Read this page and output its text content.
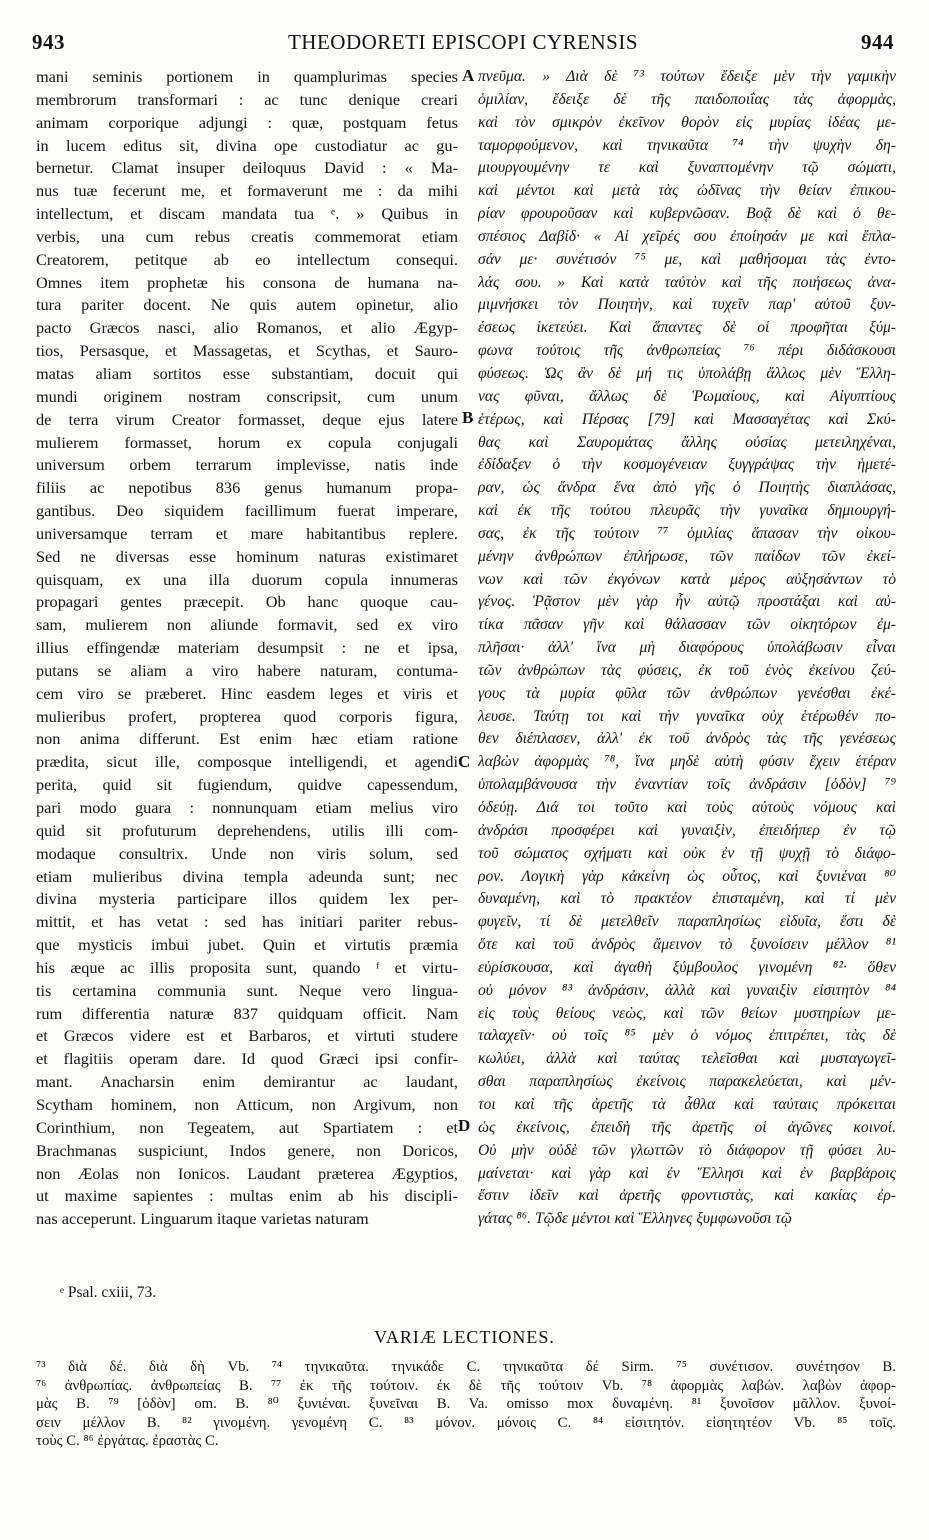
943	THEODORETI EPISCOPI CYRENSIS	944
mani seminis portionem in quamplurimas species
membrorum transformari : ac tunc denique creari
animam corporique adjungi : quæ, postquam fetus
in lucem editus sit, divina ope custodiatur ac gu-
bernetur. Clamat insuper deiloquus David : « Ma-
nus tuæ fecerunt me, et formaverunt me : da mihi
intellectum, et discam mandata tua ᵉ. » Quibus in
verbis, una cum rebus creatis commemorat etiam
Creatorem, petitque ab eo intellectum consequi.
Omnes item prophetæ his consona de humana na-
tura pariter docent. Ne quis autem opinetur, alio
pacto Græcos nasci, alio Romanos, et alio Ægyp-
tios, Persasque, et Massagetas, et Scythas, et Sauro-
matas aliam sortitos esse substantiam, docuit qui
mundi originem nostram conscripsit, cum unum
de terra virum Creator formasset, deque ejus latere
mulierem formasset, horum ex copula conjugali
universum orbem terrarum implevisse, natis inde
filiis ac nepotibus 836 genus humanum propa-
gantibus. Deo siquidem facillimum fuerat imperare,
universamque terram et mare habitantibus replere.
Sed ne diversas esse hominum naturas existimaret
quisquam, ex una illa duorum copula innumeras
propagari gentes præcepit. Ob hanc quoque cau-
sam, mulierem non aliunde formavit, sed ex viro
illius effingendæ materiam desumpsit : ne et ipsa,
putans se aliam a viro habere naturam, contuma-
cem viro se præberet. Hinc easdem leges et viris et
mulieribus profert, propterea quod corporis figura,
non anima differunt. Est enim hæc etiam ratione
prædita, sicut ille, composque intelligendi, et agendi
perita, quid sit fugiendum, quidve capessendum,
pari modo guara : nonnunquam etiam melius viro
quid sit profuturum deprehendens, utilis illi com-
modaque consultrix. Unde non viris solum, sed
etiam mulieribus divina templa adeunda sunt; nec
divina mysteria participare illos quidem lex per-
mittit, et has vetat : sed has initiari pariter rebus-
que mysticis imbui jubet. Quin et virtutis præmia
his æque ac illis proposita sunt, quando ᶠ et virtu-
tis certamina communia sunt. Neque vero lingua-
rum differentia naturæ 837 quidquam officit. Nam
et Græcos videre est et Barbaros, et virtuti studere
et flagitiis operam dare. Id quod Græci ipsi confir-
mant. Anacharsin enim demirantur ac laudant,
Scytham hominem, non Atticum, non Argivum, non
Corinthium, non Tegeatem, aut Spartiatem : et
Brachmanas suspiciunt, Indos genere, non Doricos,
non Æolas non Ionicos. Laudant præterea Ægyptios,
ut maxime sapientes : multas enim ab his discipli-
nas acceperunt. Linguarum itaque varietas naturam
A
B
C
D
πνεῦμα. » Διὰ δὲ ⁷³ τούτων ἔδειξε μὲν τὴν γαμικὴν
ὁμιλίαν, ἔδειξε δὲ τῆς παιδοποιΐας τὰς ἀφορμὰς,
καὶ τὸν σμικρὸν ἐκεῖνον θορὸν εἰς μυρίας ἰδέας με-
ταμορφούμενον, καὶ τηνικαῦτα ⁷⁴ τὴν ψυχὴν δη-
μιουργουμένην τε καὶ ξυναπτομένην τῷ σώματι,
καὶ μέντοι καὶ μετὰ τὰς ὠδῖνας τὴν θείαν ἐπικου-
ρίαν φρουροῦσαν καὶ κυβερνῶσαν. Βοᾷ δὲ καὶ ὁ θε-
σπέσιος Δαβίδ· « Αἱ χεῖρές σου ἐποίησάν με καὶ ἔπλα-
σάν με· συνέτισόν ⁷⁵ με, καὶ μαθήσομαι τὰς ἐντο-
λάς σου. » Καὶ κατὰ ταὐτὸν καὶ τῆς ποιήσεως ἀνα-
μιμνήσκει τὸν Ποιητὴν, καὶ τυχεῖν παρ' αὐτοῦ ξυν-
έσεως ἱκετεύει. Καὶ ἅπαντες δὲ οἱ προφῆται ξύμ-
φωνα τούτοις τῆς ἀνθρωπείας ⁷⁶ πέρι διδάσκουσι
φύσεως. Ὡς ἂν δὲ μή τις ὑπολάβῃ ἄλλως μὲν Ἕλλη-
νας φῦναι, ἄλλως δὲ Ῥωμαίους, καὶ Αἰγυπτίους
ἑτέρως, καὶ Πέρσας [79] καὶ Μασσαγέτας καὶ Σκύ-
θας καὶ Σαυρομάτας ἄλλης οὐσίας μετειληχέναι,
ἐδίδαξεν ὁ τὴν κοσμογένειαν ξυγγράψας τὴν ἡμετέ-
ραν, ὡς ἄνδρα ἕνα ἀπὸ γῆς ὁ Ποιητὴς διαπλάσας,
καὶ ἐκ τῆς τούτου πλευρᾶς τὴν γυναῖκα δημιουργή-
σας, ἐκ τῆς τούτοιν ⁷⁷ ὁμιλίας ἅπασαν τὴν οἰκου-
μένην ἀνθρώπων ἐπλήρωσε, τῶν παίδων τῶν ἐκεί-
νων καὶ τῶν ἐκγόνων κατὰ μέρος αὐξησάντων τὸ
γένος. Ῥᾷστον μὲν γὰρ ἦν αὐτῷ προστάξαι καὶ αὐ-
τίκα πᾶσαν γῆν καὶ θάλασσαν τῶν οἰκητόρων ἐμ-
πλῆσαι· ἀλλ' ἵνα μὴ διαφόρους ὑπολάβωσιν εἶναι
τῶν ἀνθρώπων τὰς φύσεις, ἐκ τοῦ ἑνὸς ἐκείνου ζεύ-
γους τὰ μυρία φῦλα τῶν ἀνθρώπων γενέσθαι ἐκέ-
λευσε. Ταύτῃ τοι καὶ τὴν γυναῖκα οὐχ ἑτέρωθέν πο-
θεν διέπλασεν, ἀλλ' ἐκ τοῦ ἀνδρὸς τὰς τῆς γενέσεως
λαβὼν ἀφορμὰς ⁷⁸, ἵνα μηδὲ αὐτὴ φύσιν ἔχειν ἑτέραν
ὑπολαμβάνουσα τὴν ἐναντίαν τοῖς ἀνδράσιν [ὁδὸν] ⁷⁹
ὁδεύῃ. Διά τοι τοῦτο καὶ τοὺς αὐτοὺς νόμους καὶ
ἀνδράσι προσφέρει καὶ γυναιξὶν, ἐπειδήπερ ἐν τῷ
τοῦ σώματος σχήματι καὶ οὐκ ἐν τῇ ψυχῇ τὸ διάφο-
ρον. Λογικὴ γὰρ κἀκείνη ὡς οὗτος, καὶ ξυνιέναι ⁸⁰
δυναμένη, καὶ τὸ πρακτέον ἐπισταμένη, καὶ τί μὲν
φυγεῖν, τί δὲ μετελθεῖν παραπλησίως εἰδυῖα, ἔστι δὲ
ὅτε καὶ τοῦ ἀνδρὸς ἄμεινον τὸ ξυνοίσειν μέλλον ⁸¹
εὑρίσκουσα, καὶ ἀγαθὴ ξύμβουλος γινομένη ⁸²· ὅθεν
οὐ μόνον ⁸³ ἀνδράσιν, ἀλλὰ καὶ γυναιξὶν εἰσιτητὸν ⁸⁴
εἰς τοὺς θείους νεὼς, καὶ τῶν θείων μυστηρίων με-
ταλαχεῖν· οὐ τοῖς ⁸⁵ μὲν ὁ νόμος ἐπιτρέπει, τὰς δὲ
κωλύει, ἀλλὰ καὶ ταύτας τελεῖσθαι καὶ μυσταγωγεῖ-
σθαι παραπλησίως ἐκείνοις παρακελεύεται, καὶ μέν-
τοι καὶ τῆς ἀρετῆς τὰ ἆθλα καὶ ταύταις πρόκειται
ὡς ἐκείνοις, ἐπειδὴ τῆς ἀρετῆς οἱ ἀγῶνες κοινοί.
Οὐ μὴν οὐδὲ τῶν γλωττῶν τὸ διάφορον τῇ φύσει λυ-
μαίνεται· καὶ γὰρ καὶ ἐν Ἕλλησι καὶ ἐν βαρβάροις
ἔστιν ἰδεῖν καὶ ἀρετῆς φροντιστὰς, καὶ κακίας ἐρ-
γάτας ⁸⁶. Τῷδε μέντοι καὶ Ἕλληνες ξυμφωνοῦσι τῷ
ᵉ Psal. cxiii, 73.
VARIÆ LECTIONES.
⁷³ διὰ δέ. διὰ δὴ Vb. ⁷⁴ τηνικαῦτα. τηνικάδε C. τηνικαῦτα δέ Sirm. ⁷⁵ συνέτισον. συνέτησον B.
⁷⁶ ἀνθρωπίας. ἀνθρωπείας B. ⁷⁷ ἐκ τῆς τούτοιν. ἐκ δὲ τῆς τούτοιν Vb. ⁷⁸ ἀφορμὰς λαβών. λαβὼν ἀφορ-
μὰς B. ⁷⁹ [ὁδὸν] om. B. ⁸⁰ ξυνιέναι. ξυνεῖναι B. Va. omisso mox δυναμένη. ⁸¹ ξυνοῖσον μᾶλλον. ξυνοί-
σειν μέλλον B. ⁸² γινομένη. γενομένη C. ⁸³ μόνον. μόνοις C. ⁸⁴ εἰσιτητόν. εἰσητητέον Vb. ⁸⁵ τοῖς.
τοὺς C. ⁸⁶ ἐργάτας. ἐραστὰς C.
